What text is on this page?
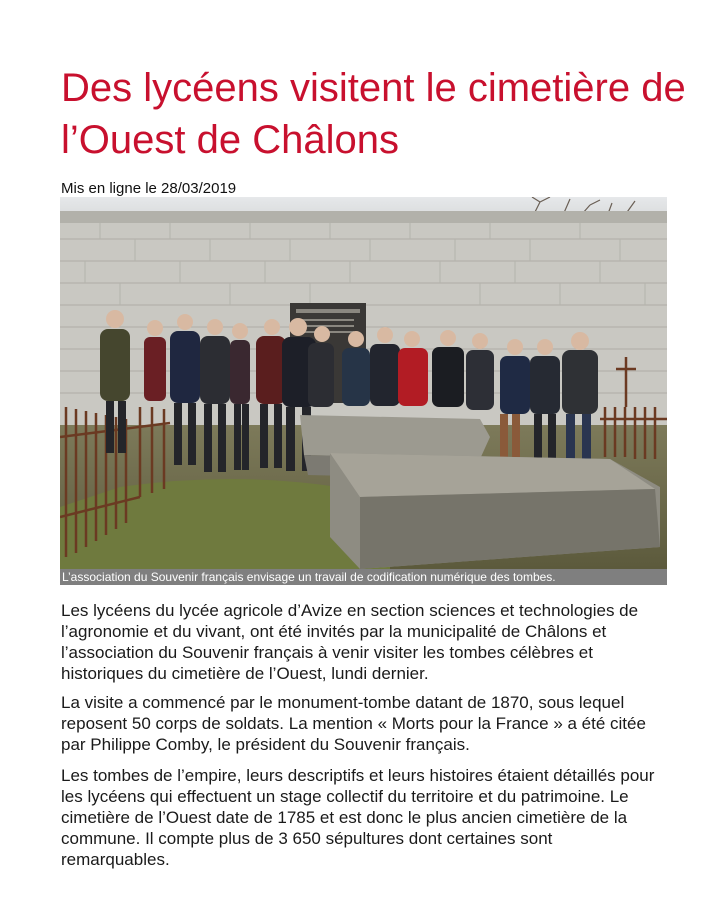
Des lycéens visitent le cimetière de l’Ouest de Châlons
Mis en ligne le 28/03/2019
L’association du Souvenir français envisage un travail de codification numérique des tombes.

Les lycéens du lycée agricole d’Avize en section sciences et technologies de l’agronomie et du vivant, ont été invités par la municipalité de Châlons et l’association du Souvenir français à venir visiter les tombes célèbres et historiques du cimetière de l’Ouest, lundi dernier.

La visite a commencé par le monument-tombe datant de 1870, sous lequel reposent 50 corps de soldats. La mention « Morts pour la France » a été citée par Philippe Comby, le président du Souvenir français.

Les tombes de l’empire, leurs descriptifs et leurs histoires étaient détaillés pour les lycéens qui effectuent un stage collectif du territoire et du patrimoine. Le cimetière de l’Ouest date de 1785 et est donc le plus ancien cimetière de la commune. Il compte plus de 3 650 sépultures dont certaines sont remarquables.
